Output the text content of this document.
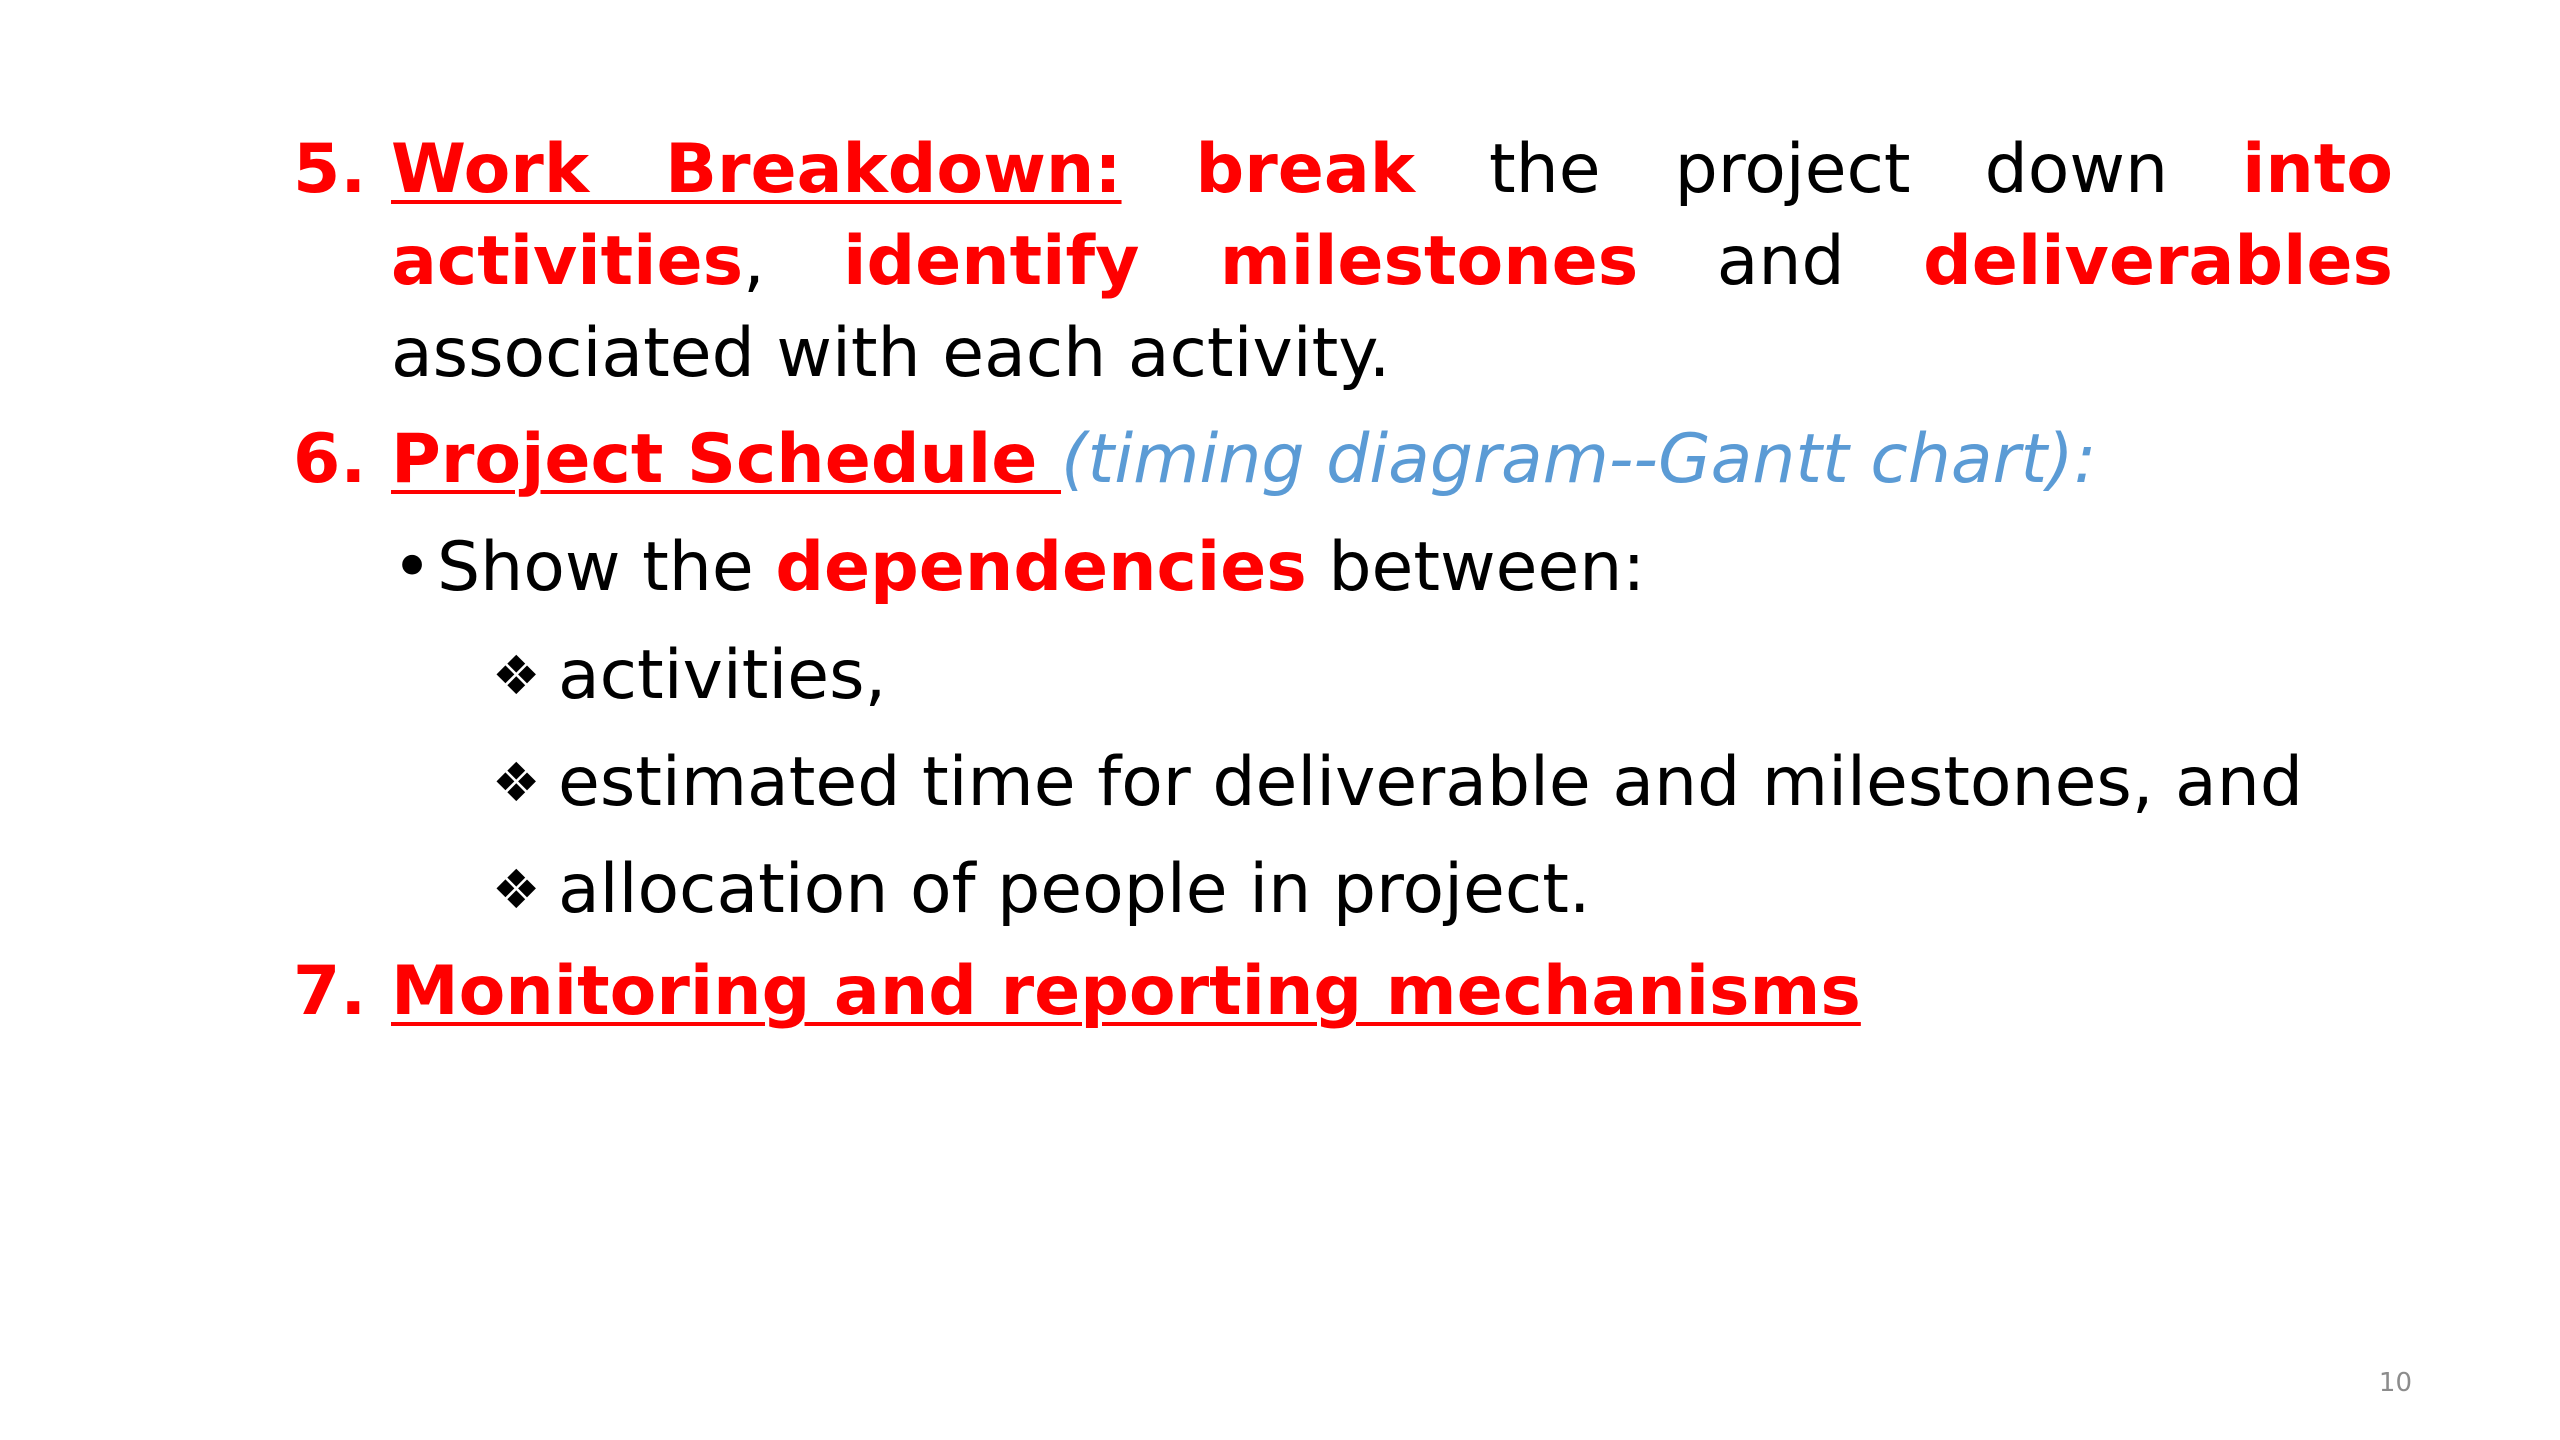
5. Work Breakdown: break the project down into activities, identify milestones and deliverables associated with each activity.
6. Project Schedule (timing diagram--Gantt chart):
•Show the dependencies between:
❖ activities,
❖ estimated time for deliverable and milestones, and
❖ allocation of people in project.
7. Monitoring and reporting mechanisms
10
